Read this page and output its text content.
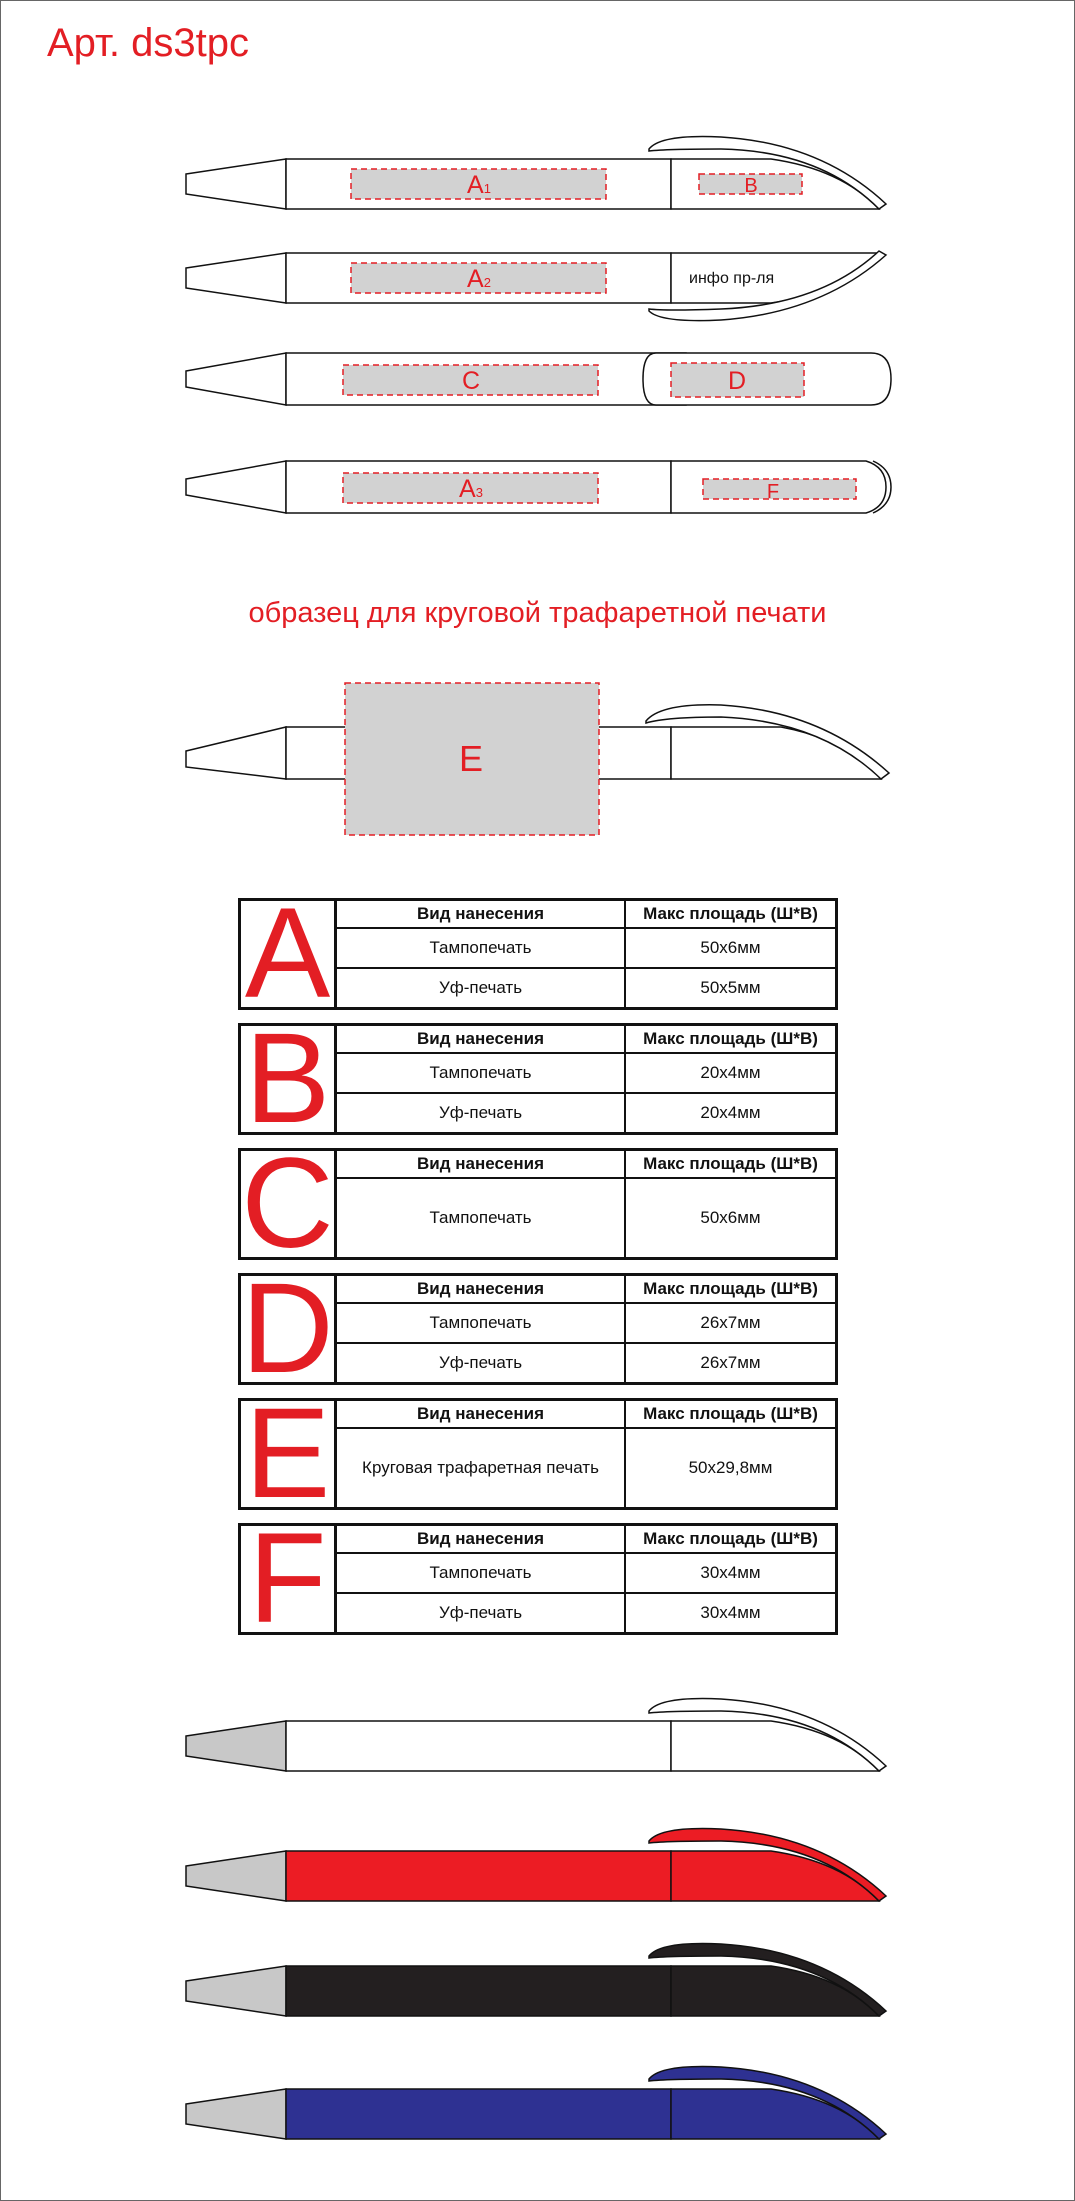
Арт. ds3tpc
A1	B
A2	инфо пр-ля
C	D
A3	F
образец для круговой трафаретной печати
E
A	Вид нанесения	Макс площадь (Ш*В)
Тампопечать	50x6мм
Уф-печать	50x5мм
B	Вид нанесения	Макс площадь (Ш*В)
Тампопечать	20x4мм
Уф-печать	20x4мм
C	Вид нанесения	Макс площадь (Ш*В)
Тампопечать	50x6мм
D	Вид нанесения	Макс площадь (Ш*В)
Тампопечать	26x7мм
Уф-печать	26x7мм
E	Вид нанесения	Макс площадь (Ш*В)
Круговая трафаретная печать	50x29,8мм
F	Вид нанесения	Макс площадь (Ш*В)
Тампопечать	30x4мм
Уф-печать	30x4мм
